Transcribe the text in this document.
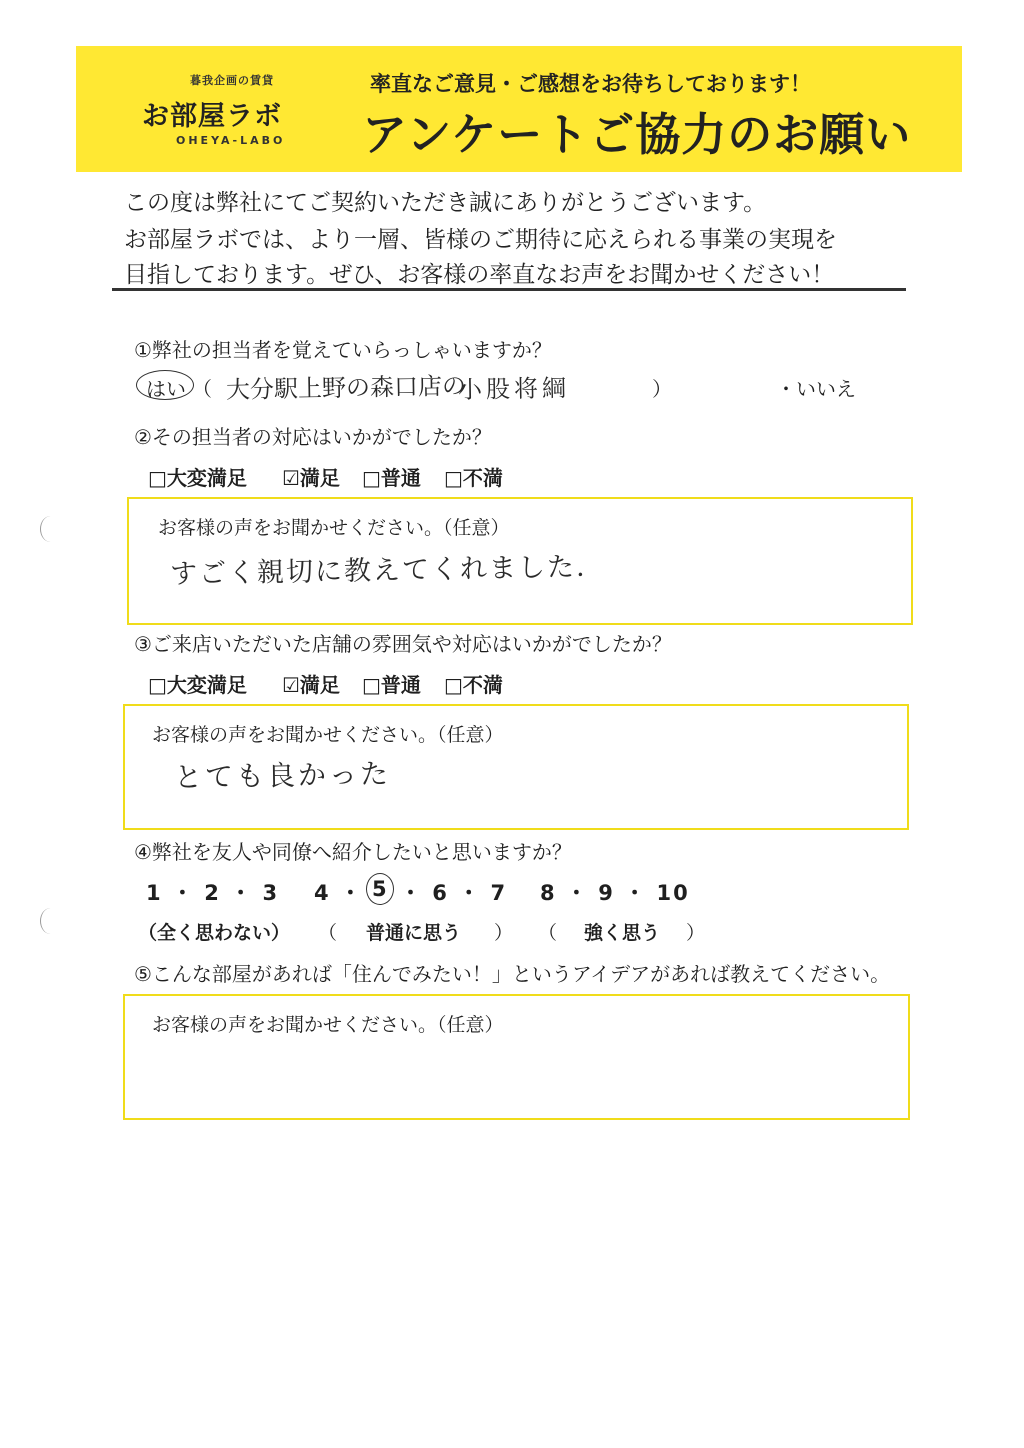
暮我企画の賃貸
お部屋ラボ
OHEYA-LABO
率直なご意見・ご感想をお待ちしております！
アンケートご協力のお願い
この度は弊社にてご契約いただき誠にありがとうございます。
お部屋ラボでは、より一層、皆様のご期待に応えられる事業の実現を
目指しております。ぜひ、お客様の率直なお声をお聞かせください！
①弊社の担当者を覚えていらっしゃいますか？
はい （ 大分駅上野の森口店の
小股将綱	）	・いいえ
②その担当者の対応はいかがでしたか？
□大変満足 ☑満足 □普通 □不満
お客様の声をお聞かせください。（任意）
すごく親切に教えてくれました.
③ご来店いただいた店舗の雰囲気や対応はいかがでしたか？
□大変満足 ☑満足 □普通 □不満
お客様の声をお聞かせください。（任意）
とても良かった
④弊社を友人や同僚へ紹介したいと思いますか？
1 ・ 2 ・ 3 4 ・ 5 ・ 6 ・ 7 8 ・ 9 ・ 10
（全く思わない） （ 普通に思う ） （ 強く思う ）
⑤こんな部屋があれば「住んでみたい！」というアイデアがあれば教えてください。
お客様の声をお聞かせください。（任意）
